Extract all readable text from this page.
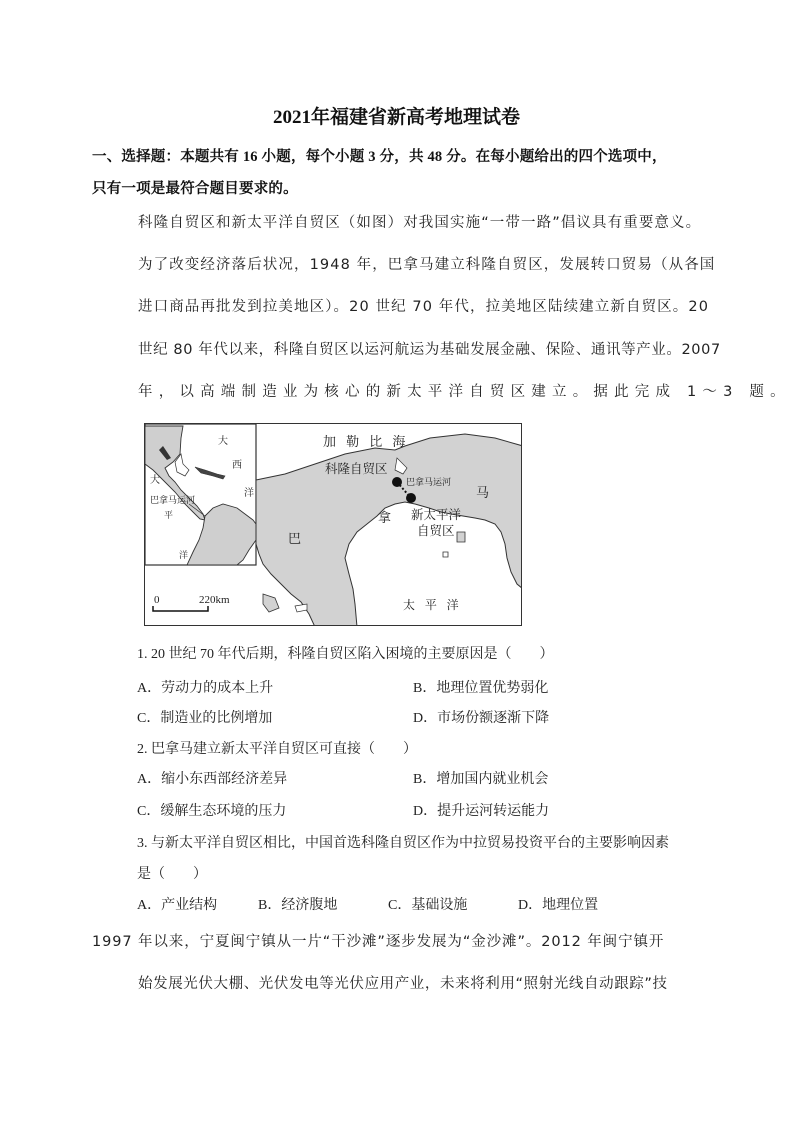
2021年福建省新高考地理试卷
一、选择题：本题共有 16 小题，每个小题 3 分，共 48 分。在每小题给出的四个选项中，
只有一项是最符合题目要求的。
科隆自贸区和新太平洋自贸区（如图）对我国实施“一带一路”倡议具有重要意义。
为了改变经济落后状况，1948 年，巴拿马建立科隆自贸区，发展转口贸易（从各国
进口商品再批发到拉美地区）。20 世纪 70 年代，拉美地区陆续建立新自贸区。20
世纪 80 年代以来，科隆自贸区以运河航运为基础发展金融、保险、通讯等产业。2007
年，以高端制造业为核心的新太平洋自贸区建立。据此完成 1～3 题。
大
西
大
洋
巴拿马运河
平
洋
0	220km
加 勒 比 海
科隆自贸区
巴拿马运河
新太平洋
自贸区
巴
拿
马
太 平 洋
1. 20 世纪 70 年代后期，科隆自贸区陷入困境的主要原因是（　　）
A．劳动力的成本上升	B．地理位置优势弱化
C．制造业的比例增加	D．市场份额逐渐下降
2. 巴拿马建立新太平洋自贸区可直接（　　）
A．缩小东西部经济差异	B．增加国内就业机会
C．缓解生态环境的压力	D．提升运河转运能力
3. 与新太平洋自贸区相比，中国首选科隆自贸区作为中拉贸易投资平台的主要影响因素
是（　　）
A．产业结构	B．经济腹地	C．基础设施	D．地理位置
1997 年以来，宁夏闽宁镇从一片“干沙滩”逐步发展为“金沙滩”。2012 年闽宁镇开
始发展光伏大棚、光伏发电等光伏应用产业，未来将利用“照射光线自动跟踪”技
